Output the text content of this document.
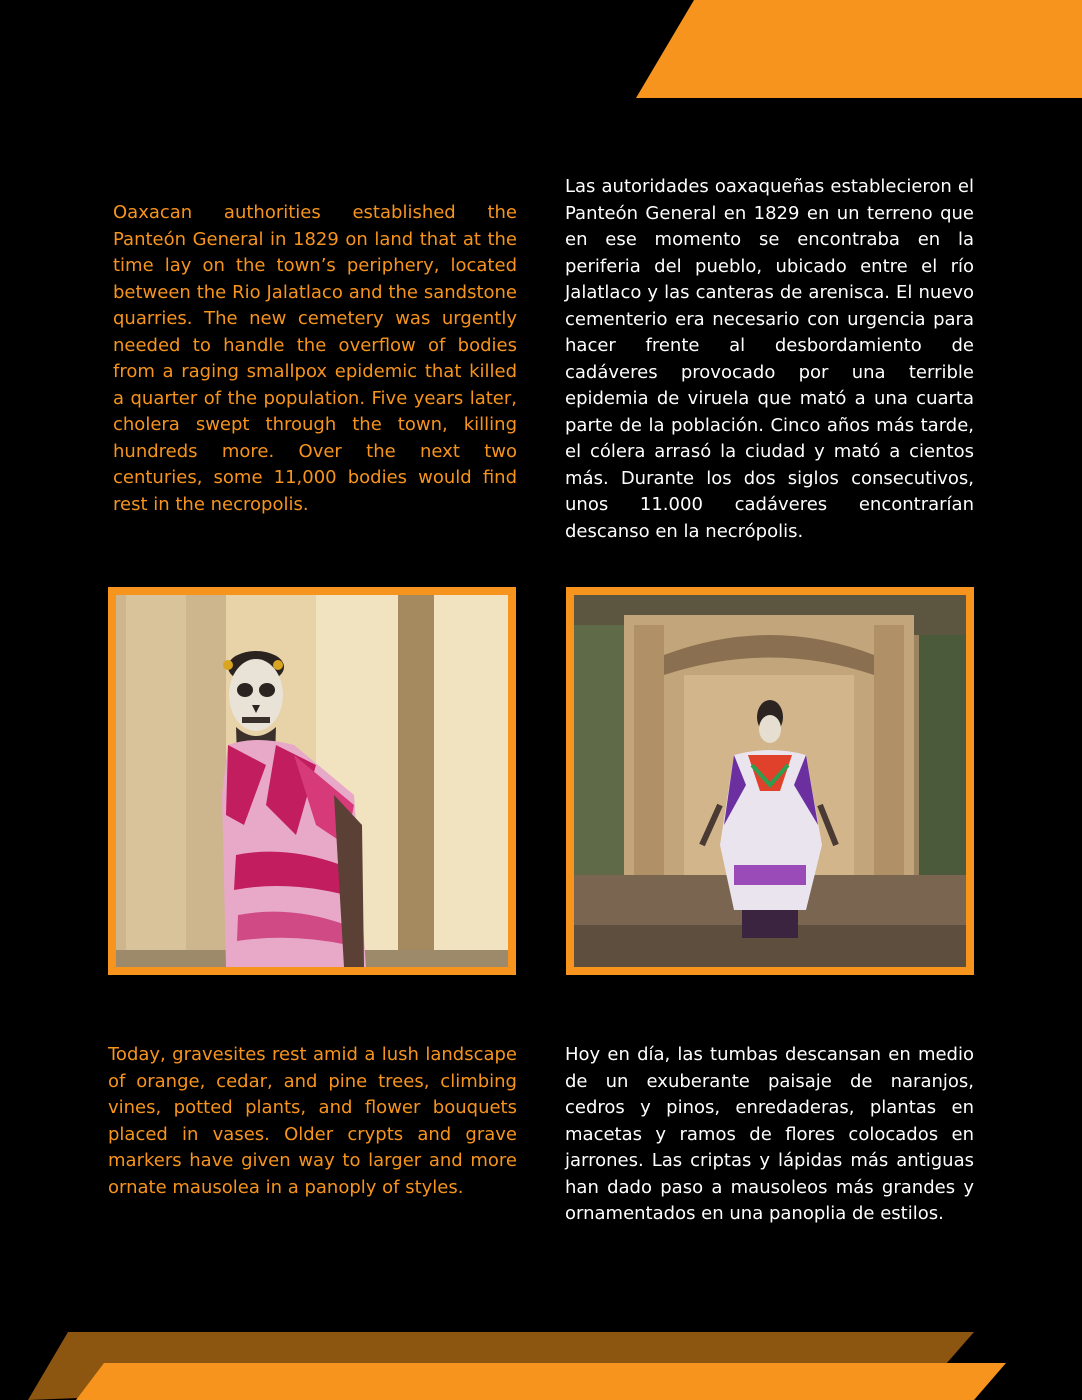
Oaxacan authorities established the Panteón General in 1829 on land that at the time lay on the town’s periphery, located between the Rio Jalatlaco and the sandstone quarries. The new cemetery was urgently needed to handle the overflow of bodies from a raging smallpox epidemic that killed a quarter of the population. Five years later, cholera swept through the town, killing hundreds more. Over the next two centuries, some 11,000 bodies would find rest in the necropolis.

Las autoridades oaxaqueñas establecieron el Panteón General en 1829 en un terreno que en ese momento se encontraba en la periferia del pueblo, ubicado entre el río Jalatlaco y las canteras de arenisca. El nuevo cementerio era necesario con urgencia para hacer frente al desbordamiento de cadáveres provocado por una terrible epidemia de viruela que mató a una cuarta parte de la población. Cinco años más tarde, el cólera arrasó la ciudad y mató a cientos más. Durante los dos siglos consecutivos, unos 11.000 cadáveres encontrarían descanso en la necrópolis.

Today, gravesites rest amid a lush landscape of orange, cedar, and pine trees, climbing vines, potted plants, and flower bouquets placed in vases. Older crypts and grave markers have given way to larger and more ornate mausolea in a panoply of styles.

Hoy en día, las tumbas descansan en medio de un exuberante paisaje de naranjos, cedros y pinos, enredaderas, plantas en macetas y ramos de flores colocados en jarrones. Las criptas y lápidas más antiguas han dado paso a mausoleos más grandes y ornamentados en una panoplia de estilos.
